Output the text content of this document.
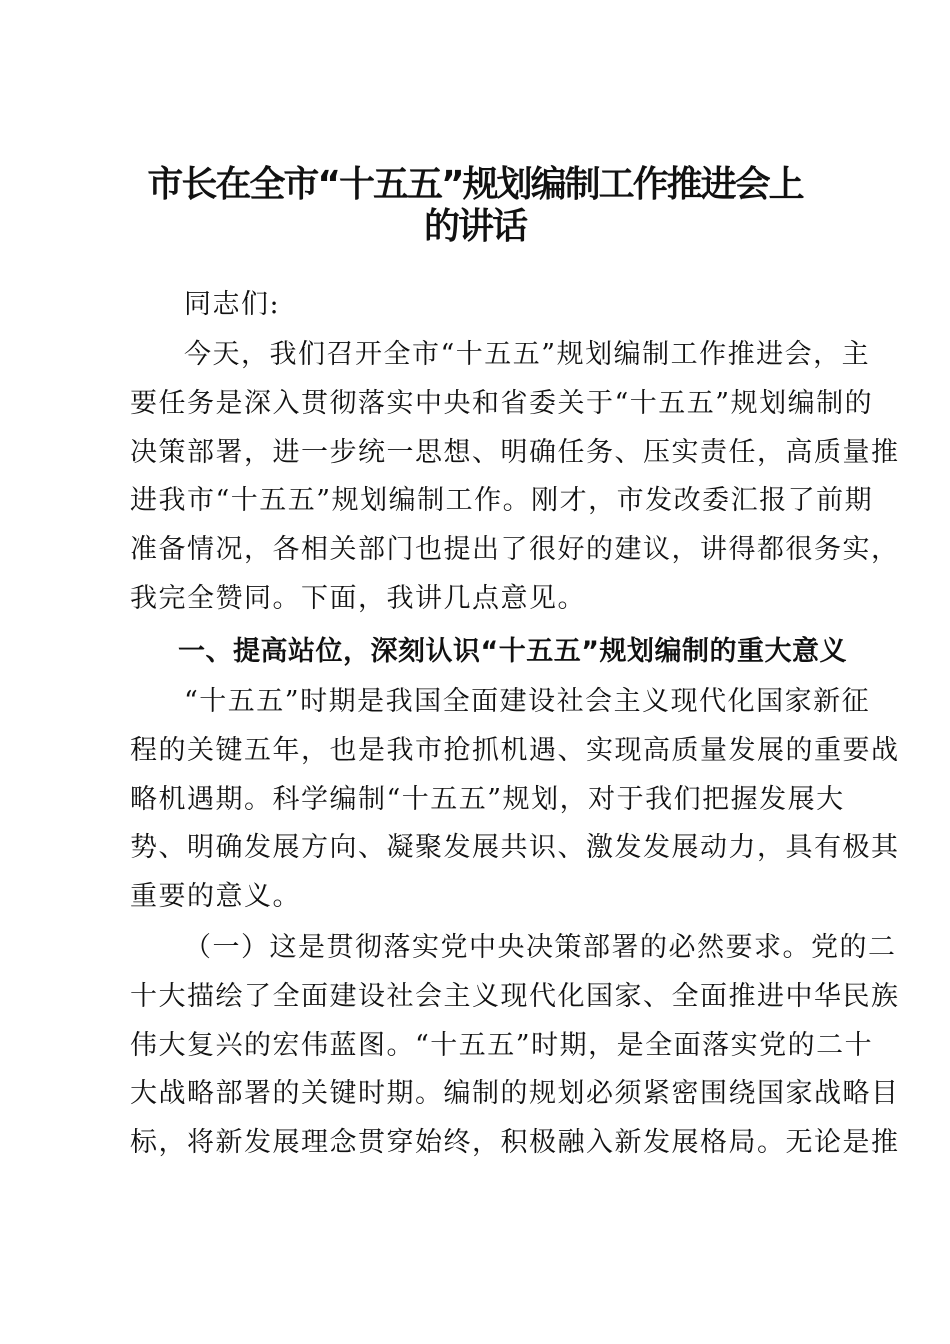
市长在全市“十五五”规划编制工作推进会上
的讲话
同志们:
今天，我们召开全市“十五五”规划编制工作推进会，主
要任务是深入贯彻落实中央和省委关于“十五五”规划编制的
决策部署，进一步统一思想、明确任务、压实责任，高质量推
进我市“十五五”规划编制工作。刚才，市发改委汇报了前期
准备情况，各相关部门也提出了很好的建议，讲得都很务实，
我完全赞同。下面，我讲几点意见。
一、提高站位，深刻认识“十五五”规划编制的重大意义
“十五五”时期是我国全面建设社会主义现代化国家新征
程的关键五年，也是我市抢抓机遇、实现高质量发展的重要战
略机遇期。科学编制“十五五”规划，对于我们把握发展大
势、明确发展方向、凝聚发展共识、激发发展动力，具有极其
重要的意义。
（一）这是贯彻落实党中央决策部署的必然要求。党的二
十大描绘了全面建设社会主义现代化国家、全面推进中华民族
伟大复兴的宏伟蓝图。“十五五”时期，是全面落实党的二十
大战略部署的关键时期。编制的规划必须紧密围绕国家战略目
标，将新发展理念贯穿始终，积极融入新发展格局。无论是推
